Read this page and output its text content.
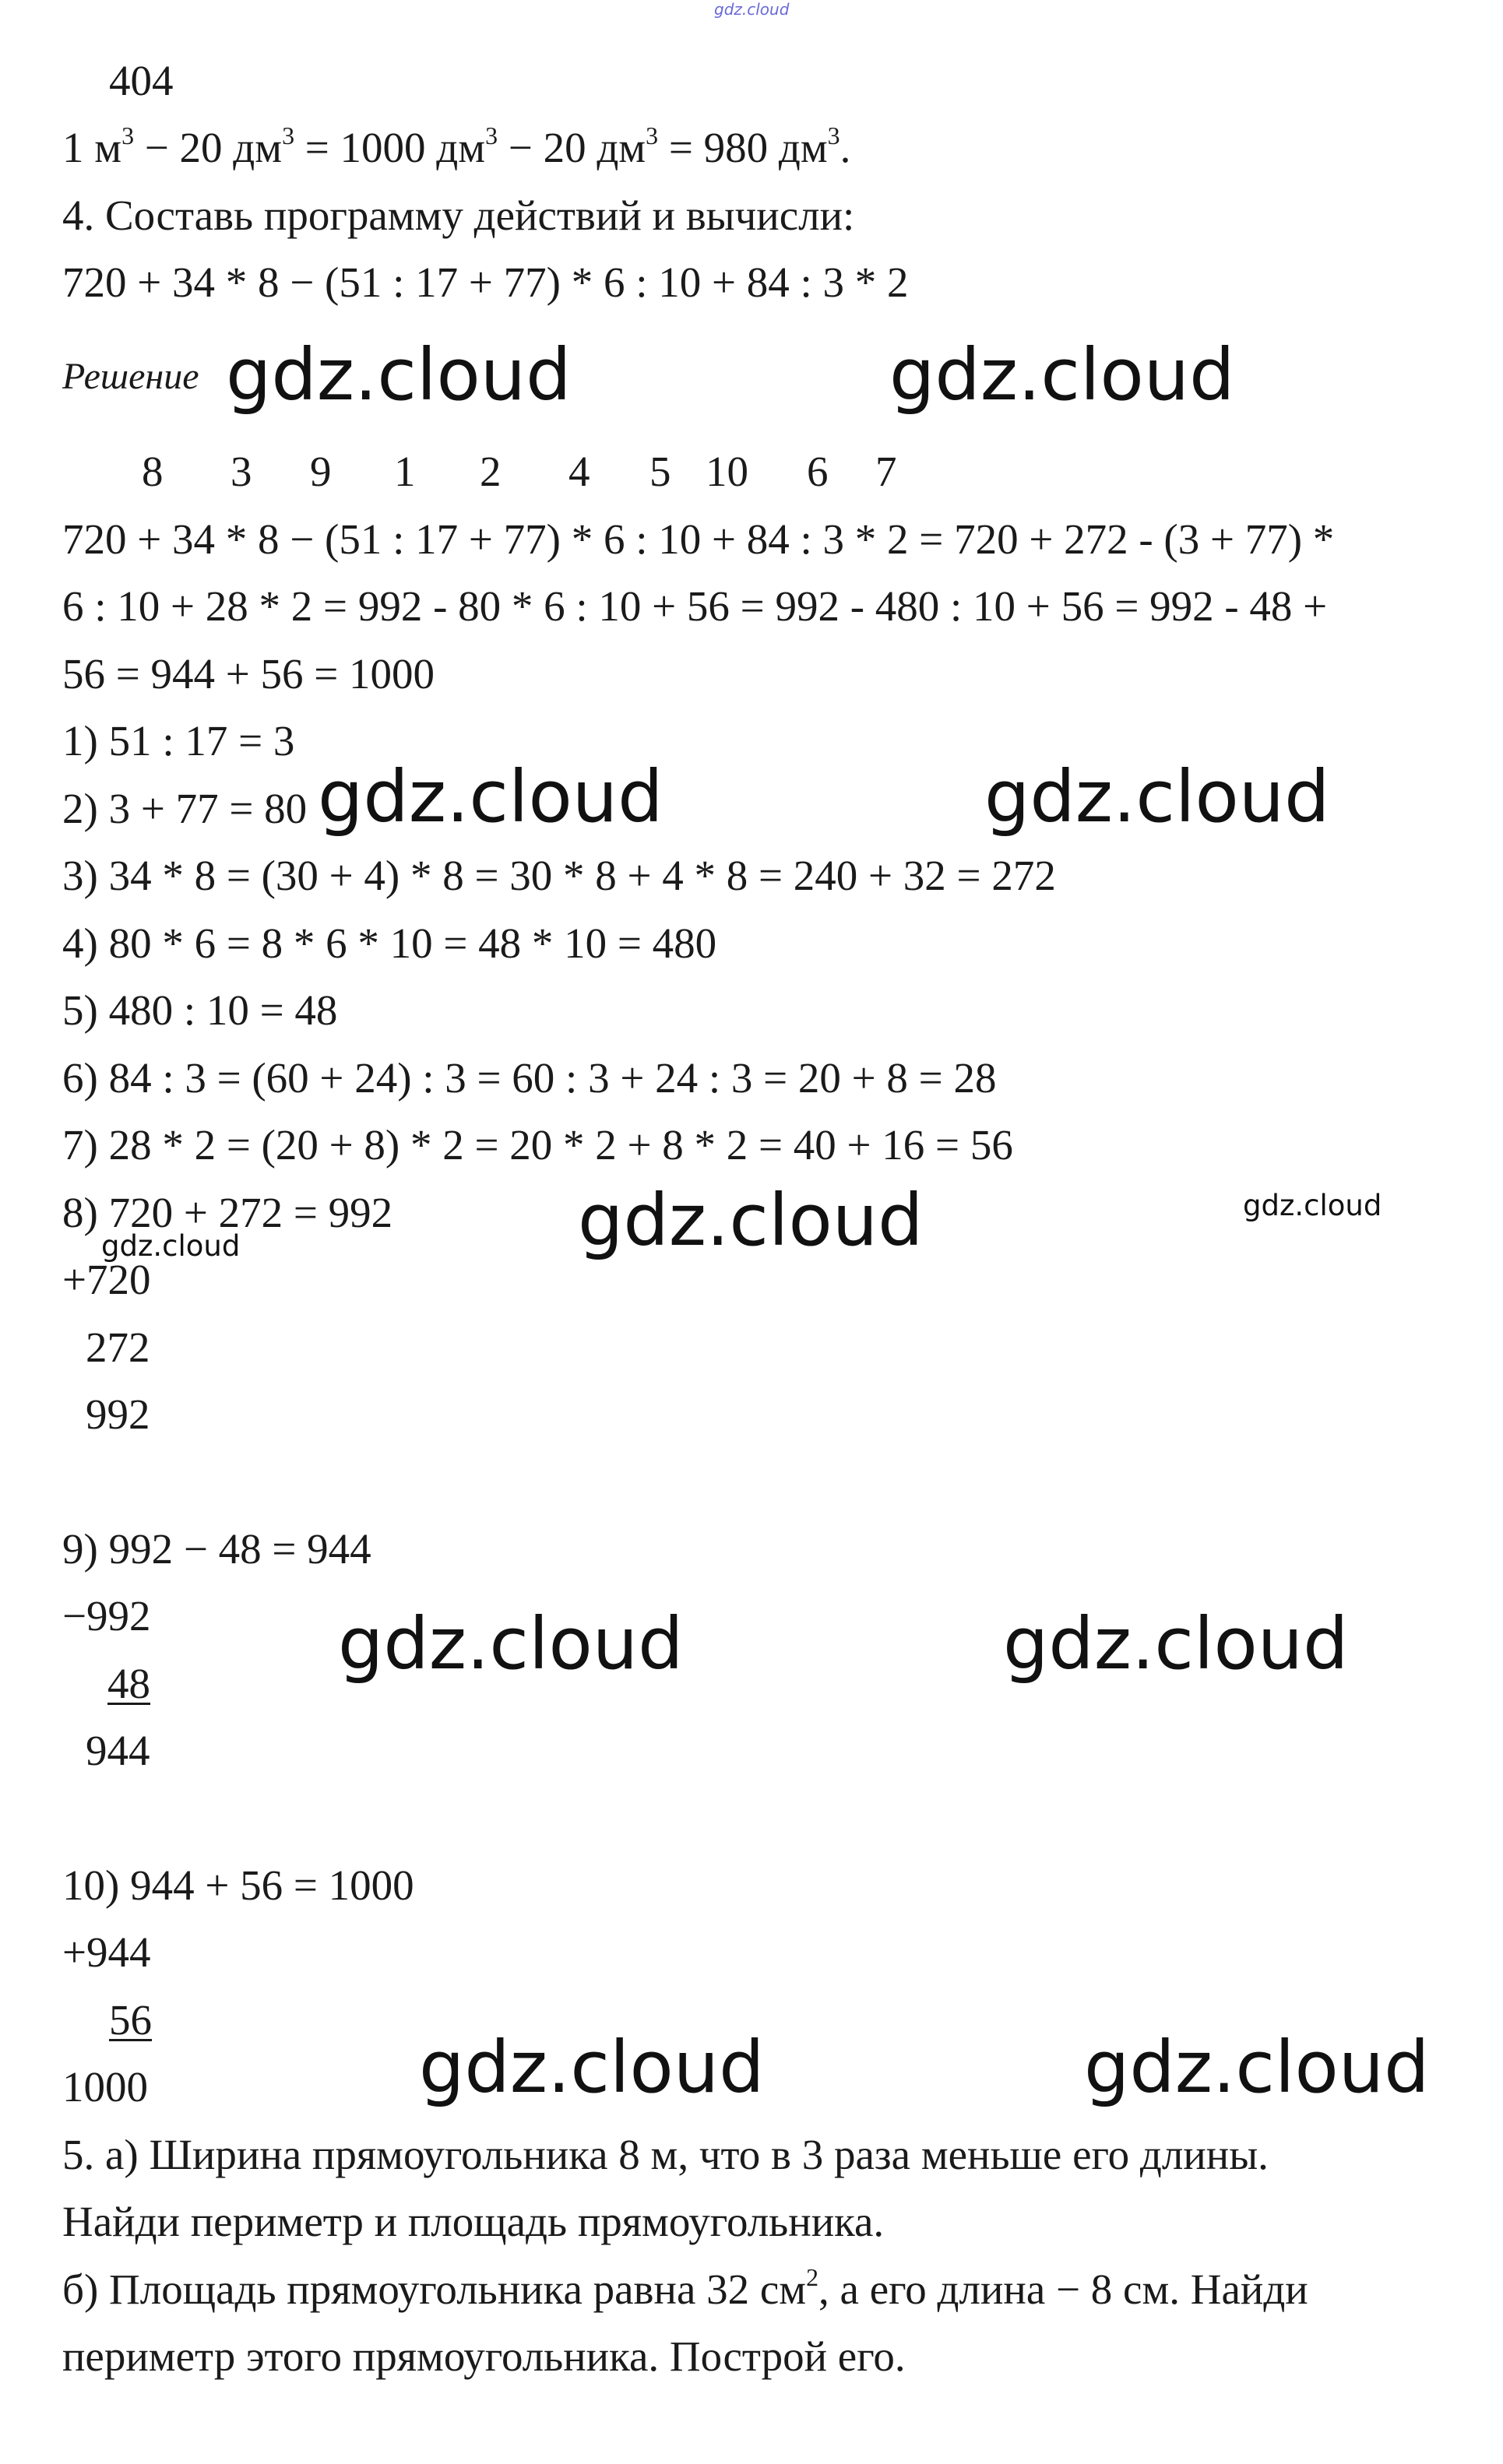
gdz.cloud
404
1 $м^3 - 20$ $дм^3 = 1000$ $дм^3 - 20$ $дм^3 = 980$ $дм^3$.
4. Составь программу действий и вычисли:
720 + 34 * 8 − (51 : 17 + 77) * 6 : 10 + 84 : 3 * 2
Решение
8 3 9 1 2 4 5 10 6 7
720 + 34 * 8 − (51 : 17 + 77) * 6 : 10 + 84 : 3 * 2 = 720 + 272 - (3 + 77) *
6 : 10 + 28 * 2 = 992 - 80 * 6 : 10 + 56 = 992 - 480 : 10 + 56 = 992 - 48 +
56 = 944 + 56 = 1000
1) 51 : 17 = 3
2) 3 + 77 = 80
3) 34 * 8 = (30 + 4) * 8 = 30 * 8 + 4 * 8 = 240 + 32 = 272
4) 80 * 6 = 8 * 6 * 10 = 48 * 10 = 480
5) 480 : 10 = 48
6) 84 : 3 = (60 + 24) : 3 = 60 : 3 + 24 : 3 = 20 + 8 = 28
7) 28 * 2 = (20 + 8) * 2 = 20 * 2 + 8 * 2 = 40 + 16 = 56
8) 720 + 272 = 992
+720
272
992
9) 992 − 48 = 944
−992
48
944
10) 944 + 56 = 1000
+944
56
1000
5. а) Ширина прямоугольника 8 м, что в 3 раза меньше его длины.
Найди периметр и площадь прямоугольника.
б) Площадь прямоугольника равна 32 $см^2$, а его длина − 8 см. Найди
периметр этого прямоугольника. Построй его.
gdz.cloud	gdz.cloud
gdz.cloud	gdz.cloud
gdz.cloud	gdz.cloud
gdz.cloud
gdz.cloud	gdz.cloud
gdz.cloud	gdz.cloud
